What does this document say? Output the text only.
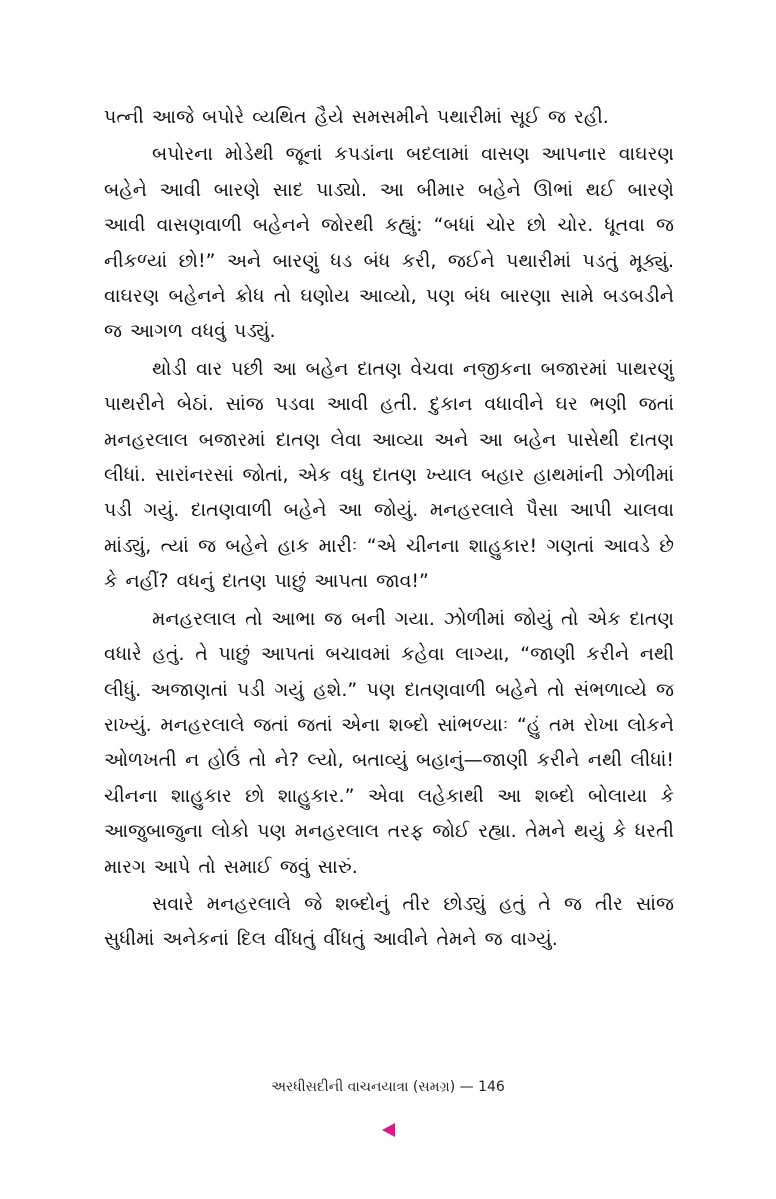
પત્ની આજે બપોરે વ્યથિત હૈયે સમસમીને પથારીમાં સૂઈ જ રહી.

બપોરના મોડેથી જૂનાં કપડાંના બદલામાં વાસણ આપનાર વાઘરણ બહેને આવી બારણે સાદ પાડ્યો. આ બીમાર બહેને ઊભાં થઈ બારણે આવી વાસણવાળી બહેનને જોરથી કહ્યું: “બધાં ચોર છો ચોર. ધૂતવા જ નીકળ્યાં છો!” અને બારણું ધડ બંધ કરી, જઈને પથારીમાં પડતું મૂક્યું. વાઘરણ બહેનને ક્રોધ તો ઘણોય આવ્યો, પણ બંધ બારણા સામે બડબડીને જ આગળ વધવું પડ્યું.

થોડી વાર પછી આ બહેન દાતણ વેચવા નજીકના બજારમાં પાથરણું પાથરીને બેઠાં. સાંજ પડવા આવી હતી. દુકાન વધાવીને ઘર ભણી જતાં મનહરલાલ બજારમાં દાતણ લેવા આવ્યા અને આ બહેન પાસેથી દાતણ લીધાં. સારાંનરસાં જોતાં, એક વધુ દાતણ ખ્યાલ બહાર હાથમાંની ઝોળીમાં પડી ગયું. દાતણવાળી બહેને આ જોયું. મનહરલાલે પૈસા આપી ચાલવા માંડ્યું, ત્યાં જ બહેને હાક મારીઃ “એ ચીનના શાહુકાર! ગણતાં આવડે છે કે નહીં? વધનું દાતણ પાછું આપતા જાવ!”

મનહરલાલ તો આભા જ બની ગયા. ઝોળીમાં જોયું તો એક દાતણ વધારે હતું. તે પાછું આપતાં બચાવમાં કહેવા લાગ્યા, “જાણી કરીને નથી લીધું. અજાણતાં પડી ગયું હશે.” પણ દાતણવાળી બહેને તો સંભળાવ્યે જ રાખ્યું. મનહરલાલે જતાં જતાં એના શબ્દો સાંભળ્યાઃ “હું તમ રોખા લોકને ઓળખતી ન હોઉં તો ને? લ્યો, બતાવ્યું બહાનું—જાણી કરીને નથી લીધાં! ચીનના શાહુકાર છો શાહુકાર.” એવા લહેકાથી આ શબ્દો બોલાયા કે આજુબાજુના લોકો પણ મનહરલાલ તરફ જોઈ રહ્યા. તેમને થયું કે ધરતી મારગ આપે તો સમાઈ જવું સારું.

સવારે મનહરલાલે જે શબ્દોનું તીર છોડ્યું હતું તે જ તીર સાંજ સુધીમાં અનેકનાં દિલ વીંધતું વીંધતું આવીને તેમને જ વાગ્યું.

અરધીસદીની વાચનયાત્રા (સમગ્ર) — 146
